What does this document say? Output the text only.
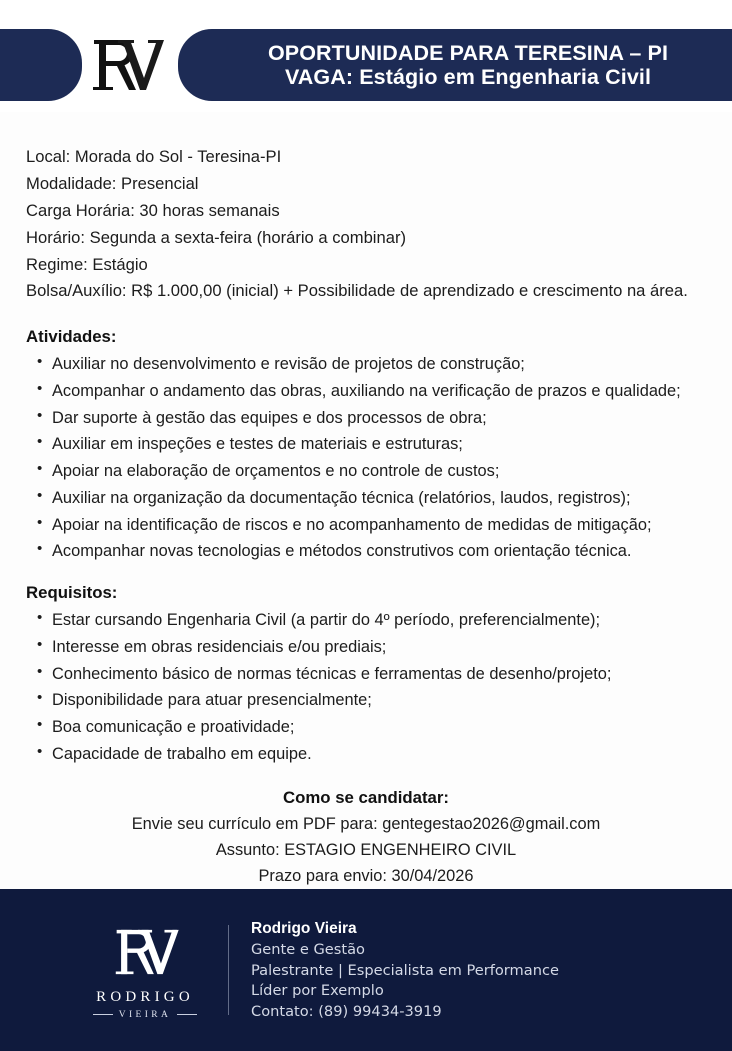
OPORTUNIDADE PARA TERESINA – PI
VAGA: Estágio em Engenharia Civil
Local: Morada do Sol - Teresina-PI
Modalidade: Presencial
Carga Horária: 30 horas semanais
Horário: Segunda a sexta-feira (horário a combinar)
Regime: Estágio
Bolsa/Auxílio: R$ 1.000,00 (inicial) + Possibilidade de aprendizado e crescimento na área.
Atividades:
• Auxiliar no desenvolvimento e revisão de projetos de construção;
• Acompanhar o andamento das obras, auxiliando na verificação de prazos e qualidade;
• Dar suporte à gestão das equipes e dos processos de obra;
• Auxiliar em inspeções e testes de materiais e estruturas;
• Apoiar na elaboração de orçamentos e no controle de custos;
• Auxiliar na organização da documentação técnica (relatórios, laudos, registros);
• Apoiar na identificação de riscos e no acompanhamento de medidas de mitigação;
• Acompanhar novas tecnologias e métodos construtivos com orientação técnica.
Requisitos:
• Estar cursando Engenharia Civil (a partir do 4º período, preferencialmente);
• Interesse em obras residenciais e/ou prediais;
• Conhecimento básico de normas técnicas e ferramentas de desenho/projeto;
• Disponibilidade para atuar presencialmente;
• Boa comunicação e proatividade;
• Capacidade de trabalho em equipe.
Como se candidatar:
Envie seu currículo em PDF para: gentegestao2026@gmail.com
Assunto: ESTAGIO ENGENHEIRO CIVIL
Prazo para envio: 30/04/2026
RODRIGO
VIEIRA
Rodrigo Vieira
Gente e Gestão
Palestrante | Especialista em Performance
Líder por Exemplo
Contato: (89) 99434-3919
